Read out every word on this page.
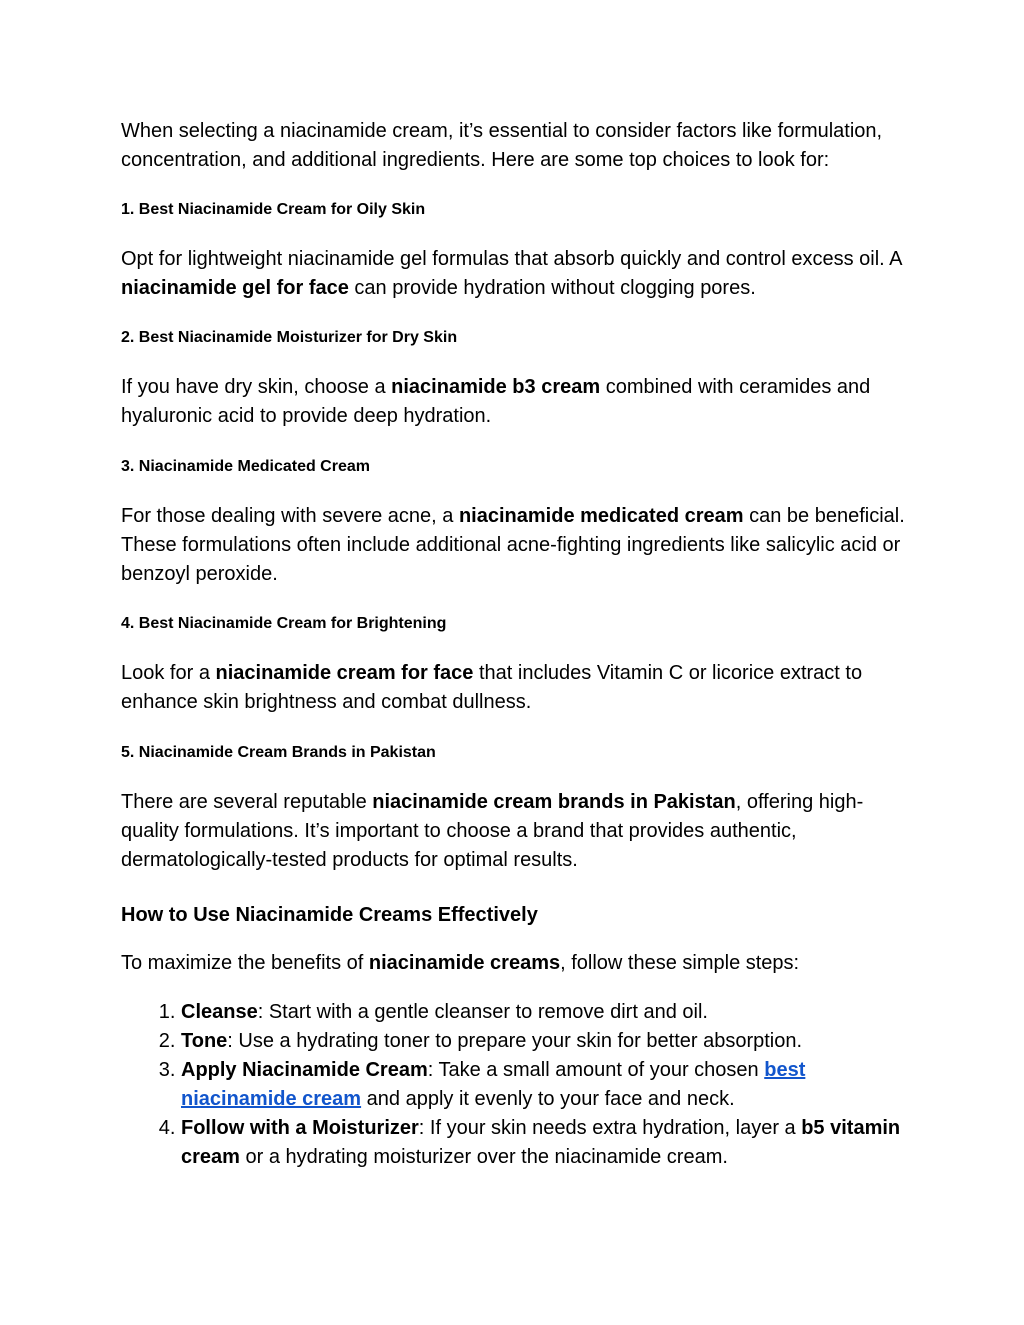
When selecting a niacinamide cream, it’s essential to consider factors like formulation, concentration, and additional ingredients. Here are some top choices to look for:

1. Best Niacinamide Cream for Oily Skin

Opt for lightweight niacinamide gel formulas that absorb quickly and control excess oil. A niacinamide gel for face can provide hydration without clogging pores.

2. Best Niacinamide Moisturizer for Dry Skin

If you have dry skin, choose a niacinamide b3 cream combined with ceramides and hyaluronic acid to provide deep hydration.

3. Niacinamide Medicated Cream

For those dealing with severe acne, a niacinamide medicated cream can be beneficial. These formulations often include additional acne-fighting ingredients like salicylic acid or benzoyl peroxide.

4. Best Niacinamide Cream for Brightening

Look for a niacinamide cream for face that includes Vitamin C or licorice extract to enhance skin brightness and combat dullness.

5. Niacinamide Cream Brands in Pakistan

There are several reputable niacinamide cream brands in Pakistan, offering high-quality formulations. It’s important to choose a brand that provides authentic, dermatologically-tested products for optimal results.

How to Use Niacinamide Creams Effectively

To maximize the benefits of niacinamide creams, follow these simple steps:

1. Cleanse: Start with a gentle cleanser to remove dirt and oil.
2. Tone: Use a hydrating toner to prepare your skin for better absorption.
3. Apply Niacinamide Cream: Take a small amount of your chosen best niacinamide cream and apply it evenly to your face and neck.
4. Follow with a Moisturizer: If your skin needs extra hydration, layer a b5 vitamin cream or a hydrating moisturizer over the niacinamide cream.
